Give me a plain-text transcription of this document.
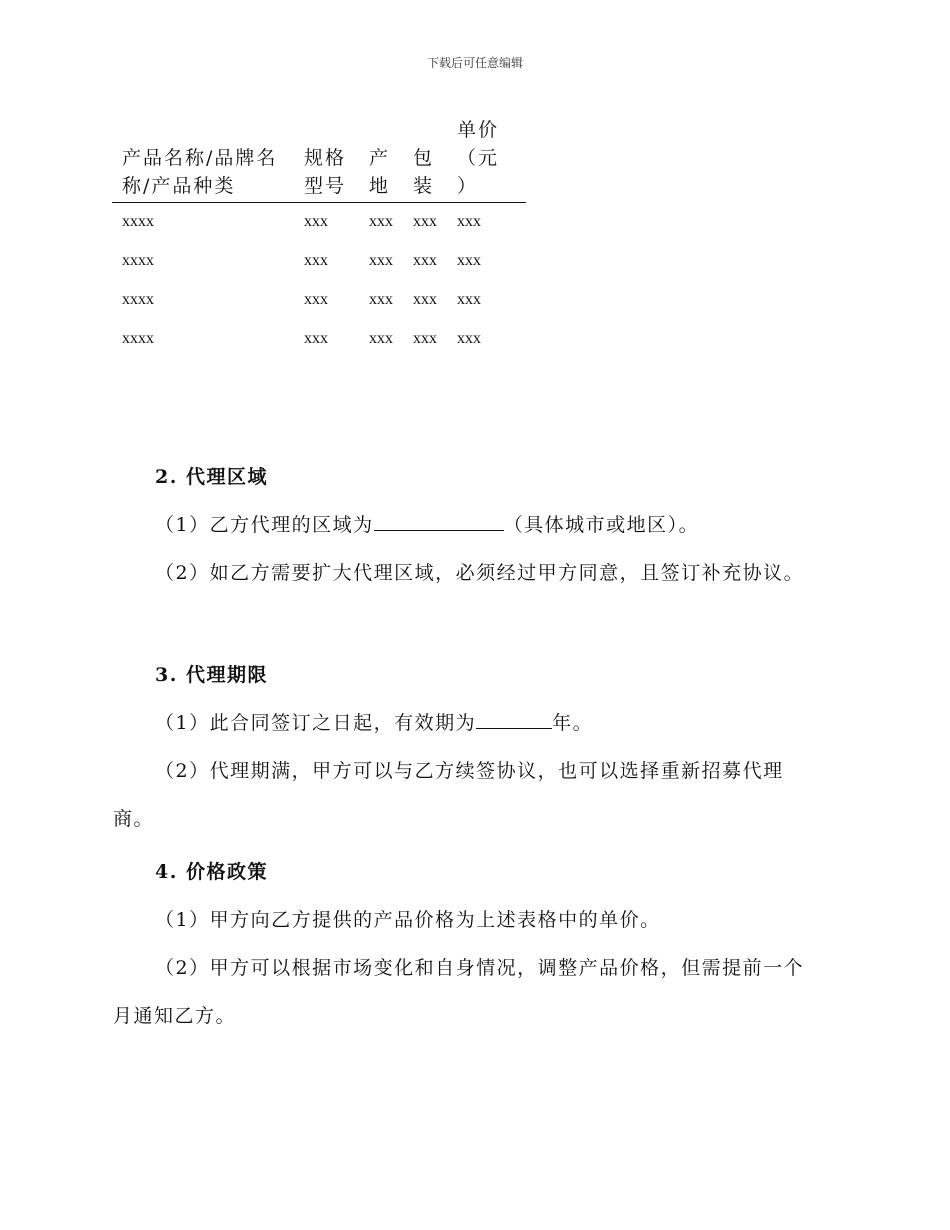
下载后可任意编辑
产品名称/品牌名称/产品种类	规格型号	产地	包装	单价（元）
xxxx	xxx	xxx	xxx	xxx
xxxx	xxx	xxx	xxx	xxx
xxxx	xxx	xxx	xxx	xxx
xxxx	xxx	xxx	xxx	xxx

2. 代理区域

（1）乙方代理的区域为	（具体城市或地区）。

（2）如乙方需要扩大代理区域，必须经过甲方同意，且签订补充协议。

3. 代理期限

（1）此合同签订之日起，有效期为	年。

（2）代理期满，甲方可以与乙方续签协议，也可以选择重新招募代理商。

4. 价格政策

（1）甲方向乙方提供的产品价格为上述表格中的单价。

（2）甲方可以根据市场变化和自身情况，调整产品价格，但需提前一个月通知乙方。
